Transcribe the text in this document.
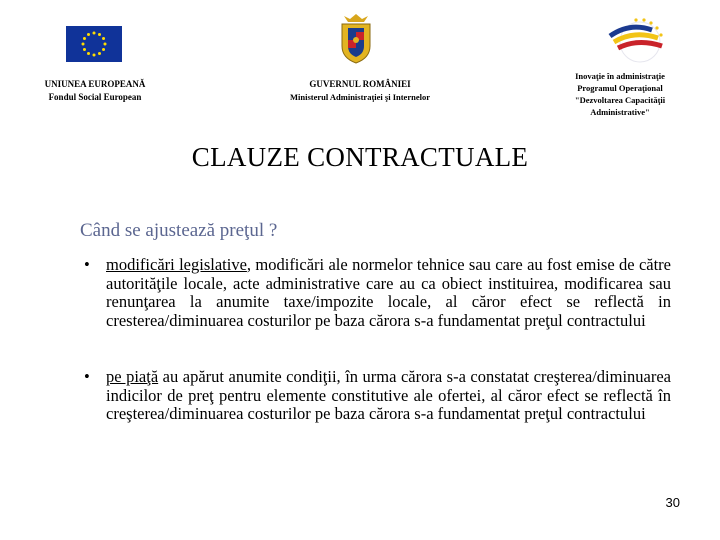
UNIUNEA EUROPEANĂ
Fondul Social European
GUVERNUL ROMÂNIEI
Ministerul Administraţiei şi Internelor
Inovaţie în administraţie
Programul Operaţional
"Dezvoltarea Capacităţii
Administrative"
CLAUZE CONTRACTUALE
Când se ajustează preţul ?
• modificări legislative, modificări ale normelor tehnice sau care au fost emise de către autorităţile locale, acte administrative care au ca obiect instituirea, modificarea sau renunţarea la anumite taxe/impozite locale, al căror efect se reflectă in cresterea/diminuarea costurilor pe baza cărora s-a fundamentat preţul contractului
• pe piaţă au apărut anumite condiţii, în urma cărora s-a constatat creşterea/diminuarea indicilor de preţ pentru elemente constitutive ale ofertei, al căror efect se reflectă în creşterea/diminuarea costurilor pe baza cărora s-a fundamentat preţul contractului
30
